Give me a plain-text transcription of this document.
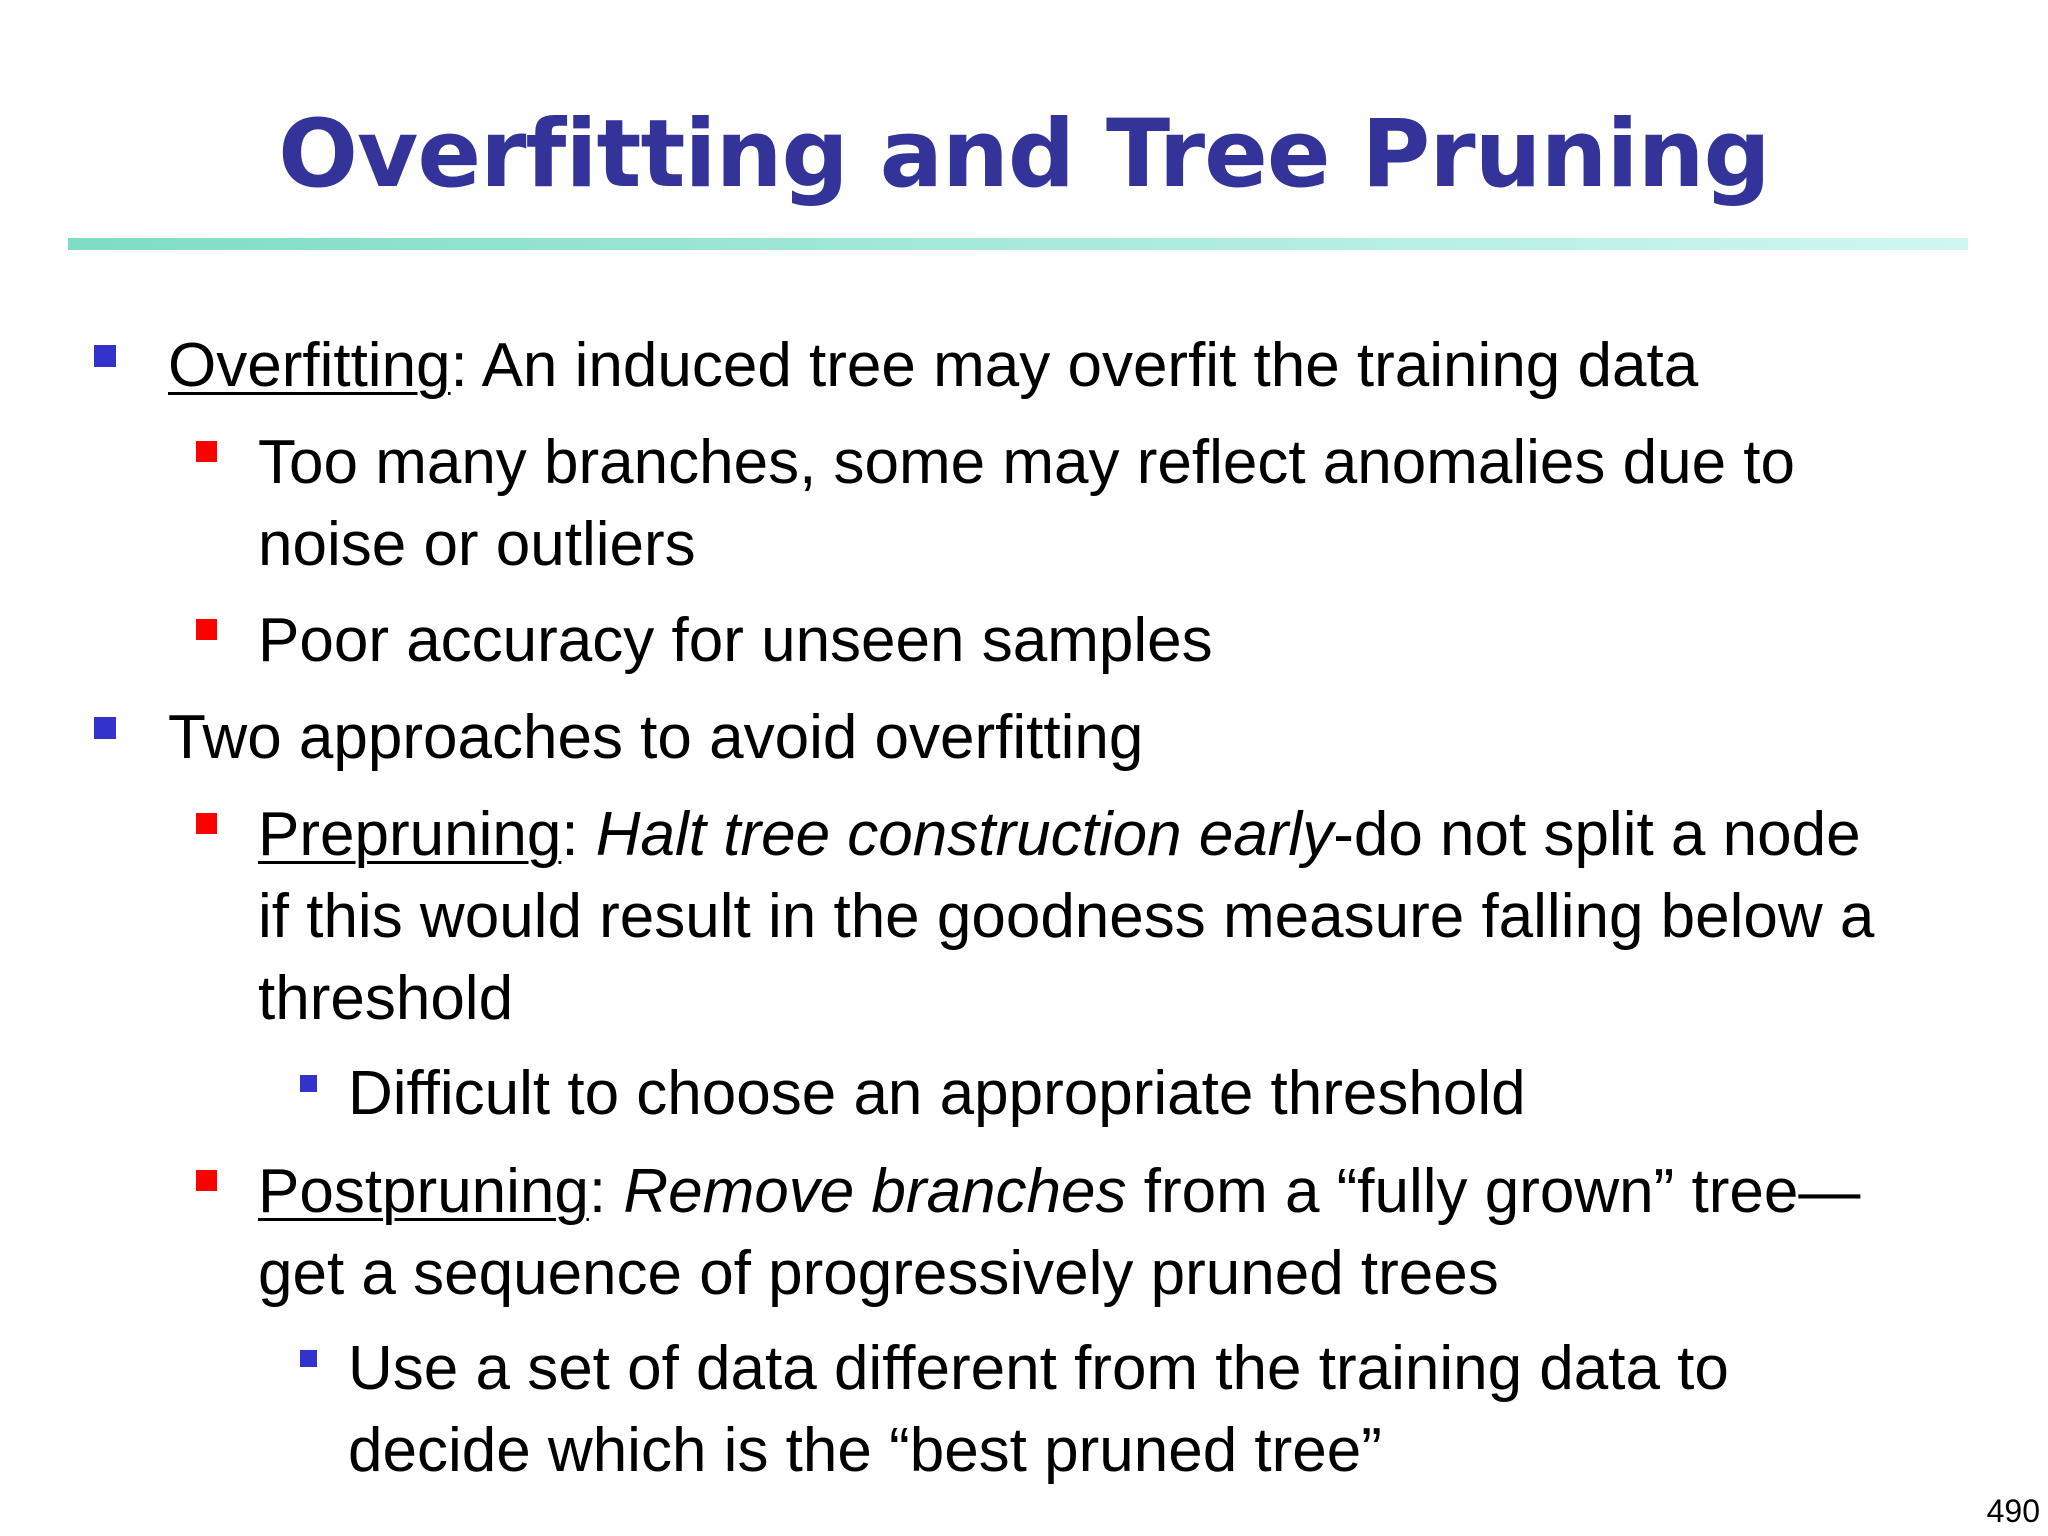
Overfitting and Tree Pruning

Overfitting: An induced tree may overfit the training data

Too many branches, some may reflect anomalies due to

noise or outliers

Poor accuracy for unseen samples

Two approaches to avoid overfitting

Prepruning: Halt tree construction early-do not split a node

if this would result in the goodness measure falling below a

threshold

Difficult to choose an appropriate threshold

Postpruning: Remove branches from a “fully grown” tree—

get a sequence of progressively pruned trees

Use a set of data different from the training data to

decide which is the “best pruned tree”

490
